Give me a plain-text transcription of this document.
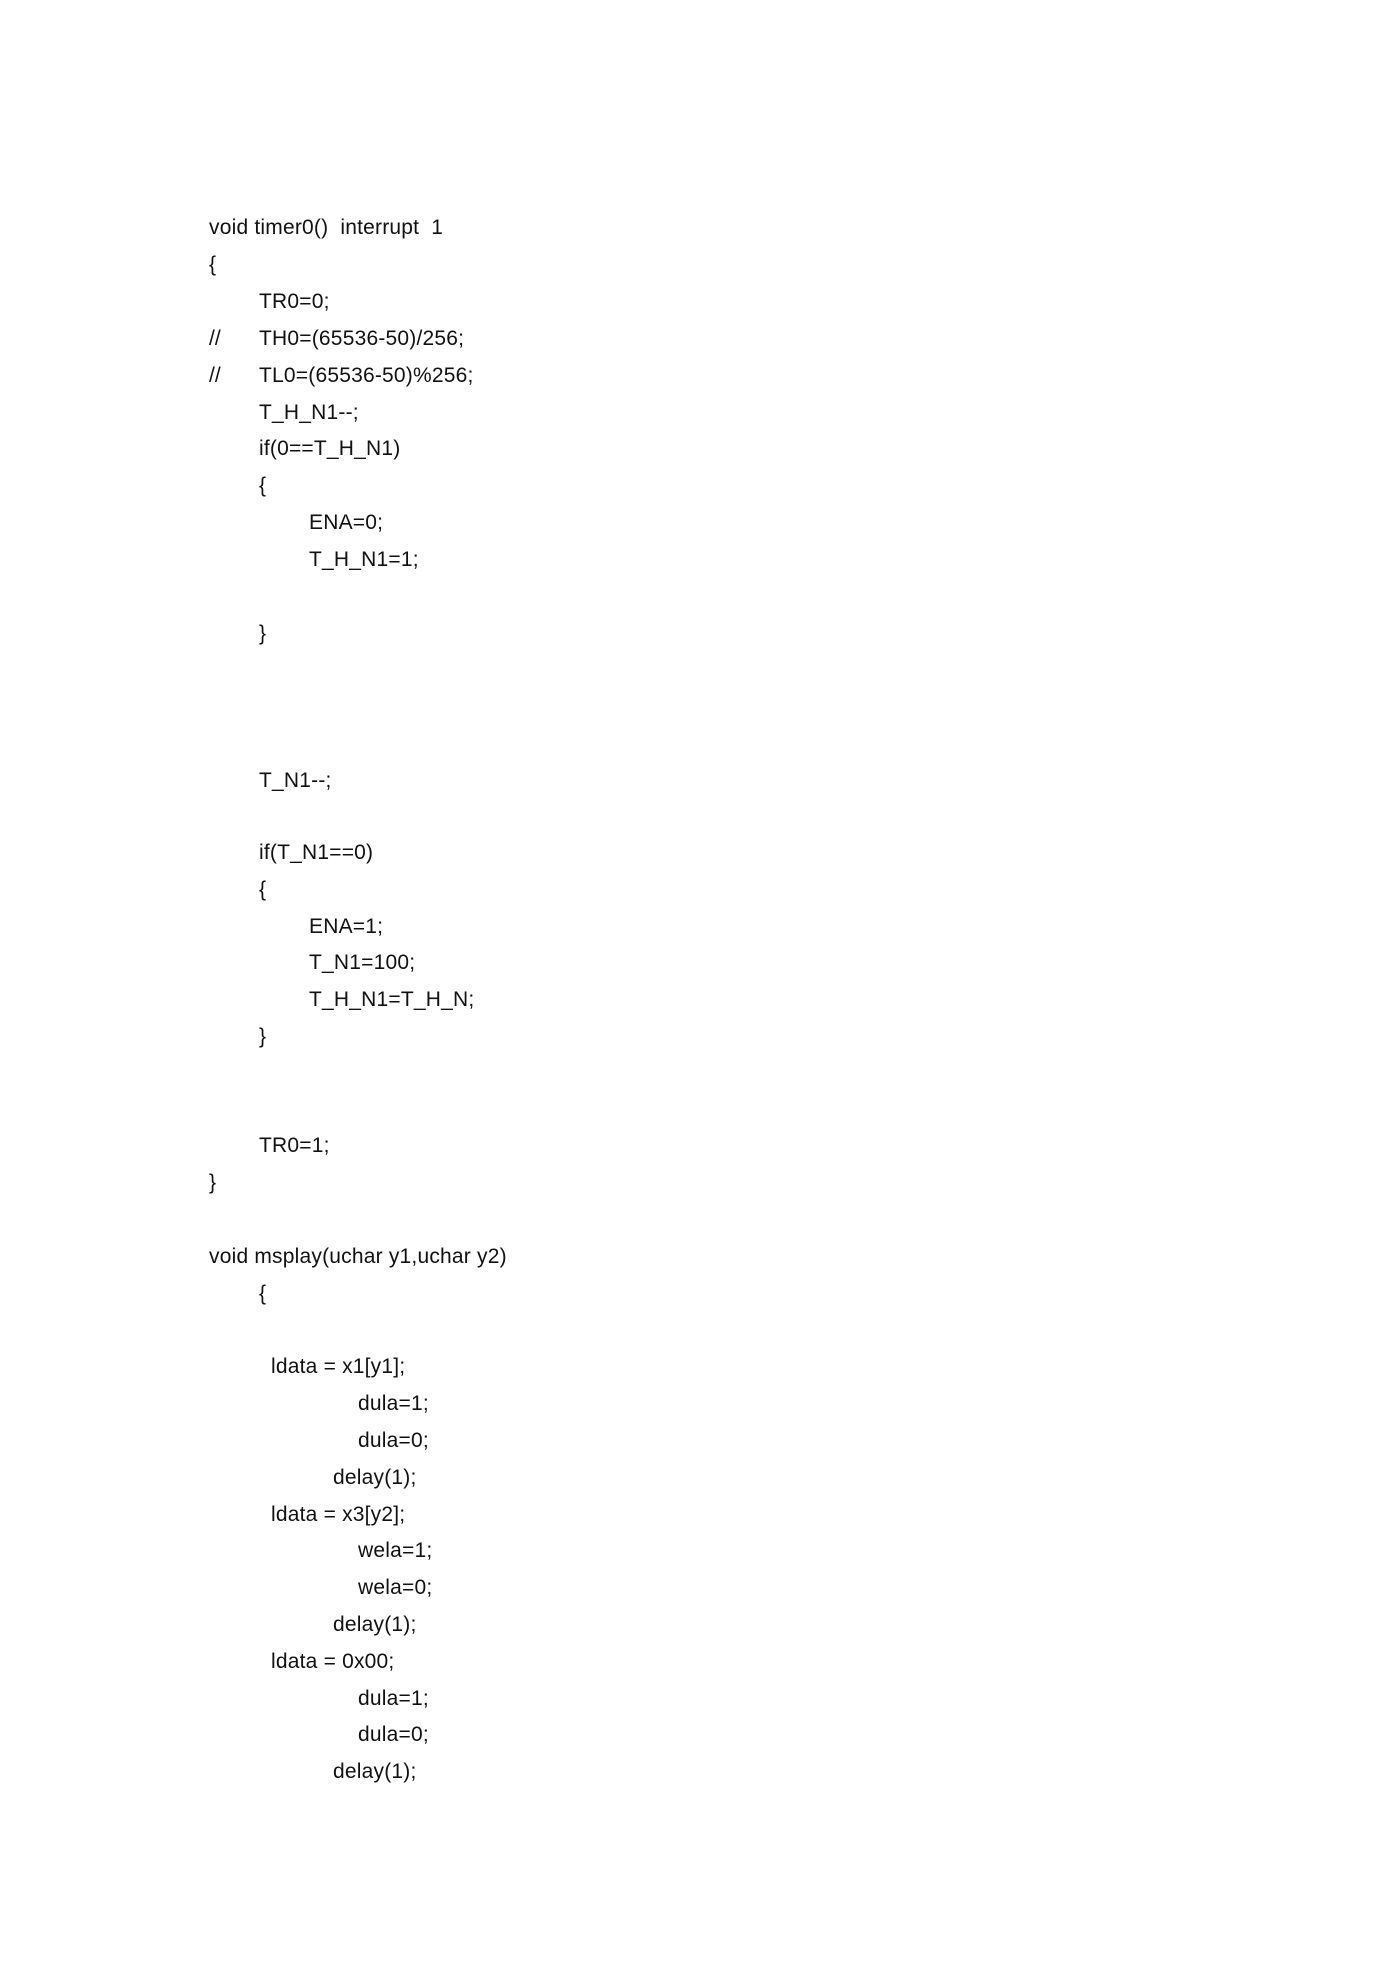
void timer0()  interrupt  1
{
TR0=0;
// TH0=(65536-50)/256;
// TL0=(65536-50)%256;
T_H_N1--;
if(0==T_H_N1)
{
ENA=0;
T_H_N1=1;
}
T_N1--;
if(T_N1==0)
{
ENA=1;
T_N1=100;
T_H_N1=T_H_N;
}
TR0=1;
}
void msplay(uchar y1,uchar y2)
{
ldata = x1[y1];
dula=1;
dula=0;
delay(1);
ldata = x3[y2];
wela=1;
wela=0;
delay(1);
ldata = 0x00;
dula=1;
dula=0;
delay(1);
